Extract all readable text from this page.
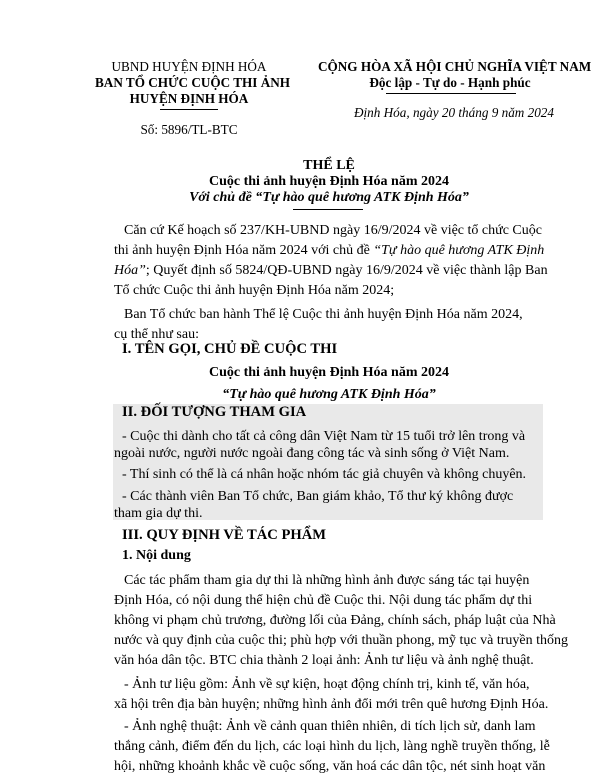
UBND HUYỆN ĐỊNH HÓA
BAN TỔ CHỨC CUỘC THI ẢNH
HUYỆN ĐỊNH HÓA
Số: 5896/TL-BTC
CỘNG HÒA XÃ HỘI CHỦ NGHĨA VIỆT NAM
Độc lập - Tự do - Hạnh phúc
Định Hóa, ngày 20 tháng 9 năm 2024
THỂ LỆ
Cuộc thi ảnh huyện Định Hóa năm 2024
Với chủ đề “Tự hào quê hương ATK Định Hóa”
Căn cứ Kế hoạch số 237/KH-UBND ngày 16/9/2024 về việc tổ chức Cuộc
thi ảnh huyện Định Hóa năm 2024 với chủ đề “Tự hào quê hương ATK Định
Hóa”; Quyết định số 5824/QĐ-UBND ngày 16/9/2024 về việc thành lập Ban
Tổ chức Cuộc thi ảnh huyện Định Hóa năm 2024;
Ban Tổ chức ban hành Thể lệ Cuộc thi ảnh huyện Định Hóa năm 2024,
cụ thể như sau:
I. TÊN GỌI, CHỦ ĐỀ CUỘC THI
Cuộc thi ảnh huyện Định Hóa năm 2024
“Tự hào quê hương ATK Định Hóa”
II. ĐỐI TƯỢNG THAM GIA
- Cuộc thi dành cho tất cả công dân Việt Nam từ 15 tuổi trở lên trong và
ngoài nước, người nước ngoài đang công tác và sinh sống ở Việt Nam.
- Thí sinh có thể là cá nhân hoặc nhóm tác giả chuyên và không chuyên.
- Các thành viên Ban Tổ chức, Ban giám khảo, Tổ thư ký không được
tham gia dự thi.
III. QUY ĐỊNH VỀ TÁC PHẨM
1. Nội dung
Các tác phẩm tham gia dự thi là những hình ảnh được sáng tác tại huyện
Định Hóa, có nội dung thể hiện chủ đề Cuộc thi. Nội dung tác phẩm dự thi
không vi phạm chủ trương, đường lối của Đảng, chính sách, pháp luật của Nhà
nước và quy định của cuộc thi; phù hợp với thuần phong, mỹ tục và truyền thống
văn hóa dân tộc. BTC chia thành 2 loại ảnh: Ảnh tư liệu và ảnh nghệ thuật.
- Ảnh tư liệu gồm: Ảnh về sự kiện, hoạt động chính trị, kinh tế, văn hóa,
xã hội trên địa bàn huyện; những hình ảnh đổi mới trên quê hương Định Hóa.
- Ảnh nghệ thuật: Ảnh về cảnh quan thiên nhiên, di tích lịch sử, danh lam
thắng cảnh, điểm đến du lịch, các loại hình du lịch, làng nghề truyền thống, lễ
hội, những khoảnh khắc về cuộc sống, văn hoá các dân tộc, nét sinh hoạt văn
